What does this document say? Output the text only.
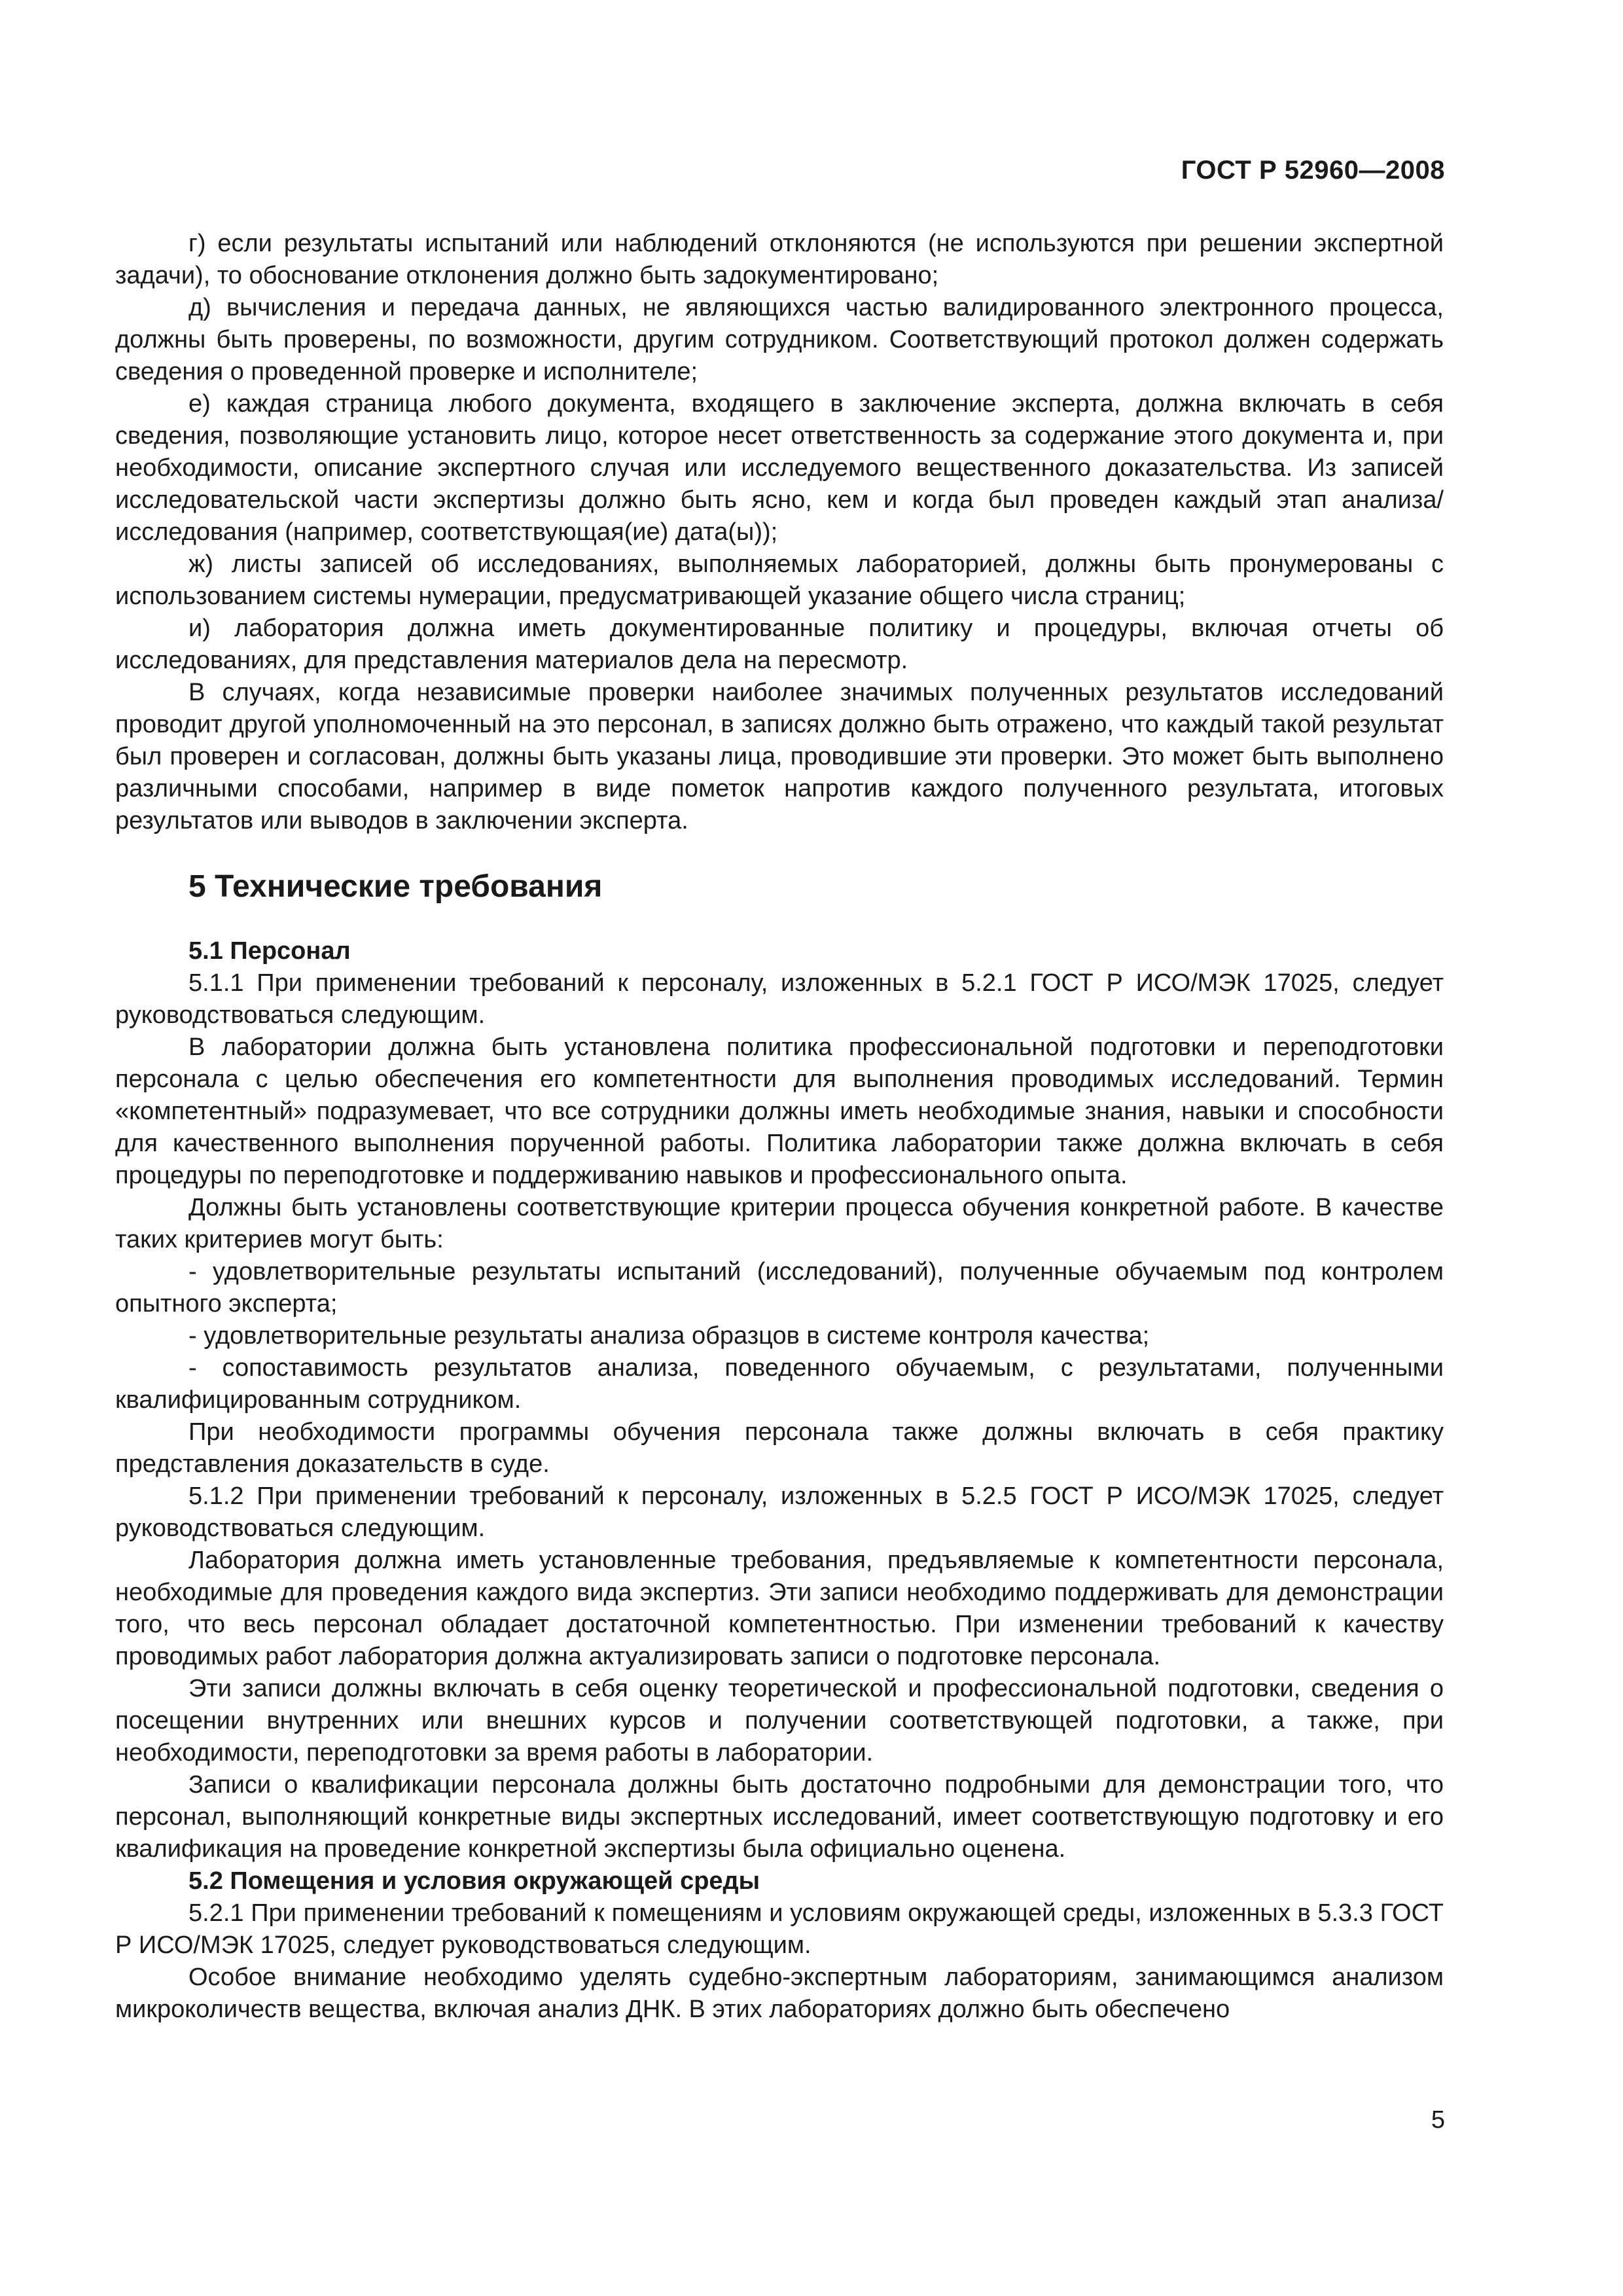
ГОСТ Р 52960—2008

г) если результаты испытаний или наблюдений отклоняются (не используются при решении экспертной задачи), то обоснование отклонения должно быть задокументировано;

д) вычисления и передача данных, не являющихся частью валидированного электронного процесса, должны быть проверены, по возможности, другим сотрудником. Соответствующий протокол должен содержать сведения о проведенной проверке и исполнителе;

е) каждая страница любого документа, входящего в заключение эксперта, должна включать в себя сведения, позволяющие установить лицо, которое несет ответственность за содержание этого документа и, при необходимости, описание экспертного случая или исследуемого вещественного доказательства. Из записей исследовательской части экспертизы должно быть ясно, кем и когда был проведен каждый этап анализа/исследования (например, соответствующая(ие) дата(ы));

ж) листы записей об исследованиях, выполняемых лабораторией, должны быть пронумерованы с использованием системы нумерации, предусматривающей указание общего числа страниц;

и) лаборатория должна иметь документированные политику и процедуры, включая отчеты об исследованиях, для представления материалов дела на пересмотр.

В случаях, когда независимые проверки наиболее значимых полученных результатов исследований проводит другой уполномоченный на это персонал, в записях должно быть отражено, что каждый такой результат был проверен и согласован, должны быть указаны лица, проводившие эти проверки. Это может быть выполнено различными способами, например в виде пометок напротив каждого полученного результата, итоговых результатов или выводов в заключении эксперта.

5 Технические требования

5.1 Персонал

5.1.1 При применении требований к персоналу, изложенных в 5.2.1 ГОСТ Р ИСО/МЭК 17025, следует руководствоваться следующим.

В лаборатории должна быть установлена политика профессиональной подготовки и переподготовки персонала с целью обеспечения его компетентности для выполнения проводимых исследований. Термин «компетентный» подразумевает, что все сотрудники должны иметь необходимые знания, навыки и способности для качественного выполнения порученной работы. Политика лаборатории также должна включать в себя процедуры по переподготовке и поддерживанию навыков и профессионального опыта.

Должны быть установлены соответствующие критерии процесса обучения конкретной работе. В качестве таких критериев могут быть:

- удовлетворительные результаты испытаний (исследований), полученные обучаемым под контролем опытного эксперта;

- удовлетворительные результаты анализа образцов в системе контроля качества;

- сопоставимость результатов анализа, поведенного обучаемым, с результатами, полученными квалифицированным сотрудником.

При необходимости программы обучения персонала также должны включать в себя практику представления доказательств в суде.

5.1.2 При применении требований к персоналу, изложенных в 5.2.5 ГОСТ Р ИСО/МЭК 17025, следует руководствоваться следующим.

Лаборатория должна иметь установленные требования, предъявляемые к компетентности персонала, необходимые для проведения каждого вида экспертиз. Эти записи необходимо поддерживать для демонстрации того, что весь персонал обладает достаточной компетентностью. При изменении требований к качеству проводимых работ лаборатория должна актуализировать записи о подготовке персонала.

Эти записи должны включать в себя оценку теоретической и профессиональной подготовки, сведения о посещении внутренних или внешних курсов и получении соответствующей подготовки, а также, при необходимости, переподготовки за время работы в лаборатории.

Записи о квалификации персонала должны быть достаточно подробными для демонстрации того, что персонал, выполняющий конкретные виды экспертных исследований, имеет соответствующую подготовку и его квалификация на проведение конкретной экспертизы была официально оценена.

5.2 Помещения и условия окружающей среды

5.2.1 При применении требований к помещениям и условиям окружающей среды, изложенных в 5.3.3 ГОСТ Р ИСО/МЭК 17025, следует руководствоваться следующим.

Особое внимание необходимо уделять судебно-экспертным лабораториям, занимающимся анализом микроколичеств вещества, включая анализ ДНК. В этих лабораториях должно быть обеспечено

5
